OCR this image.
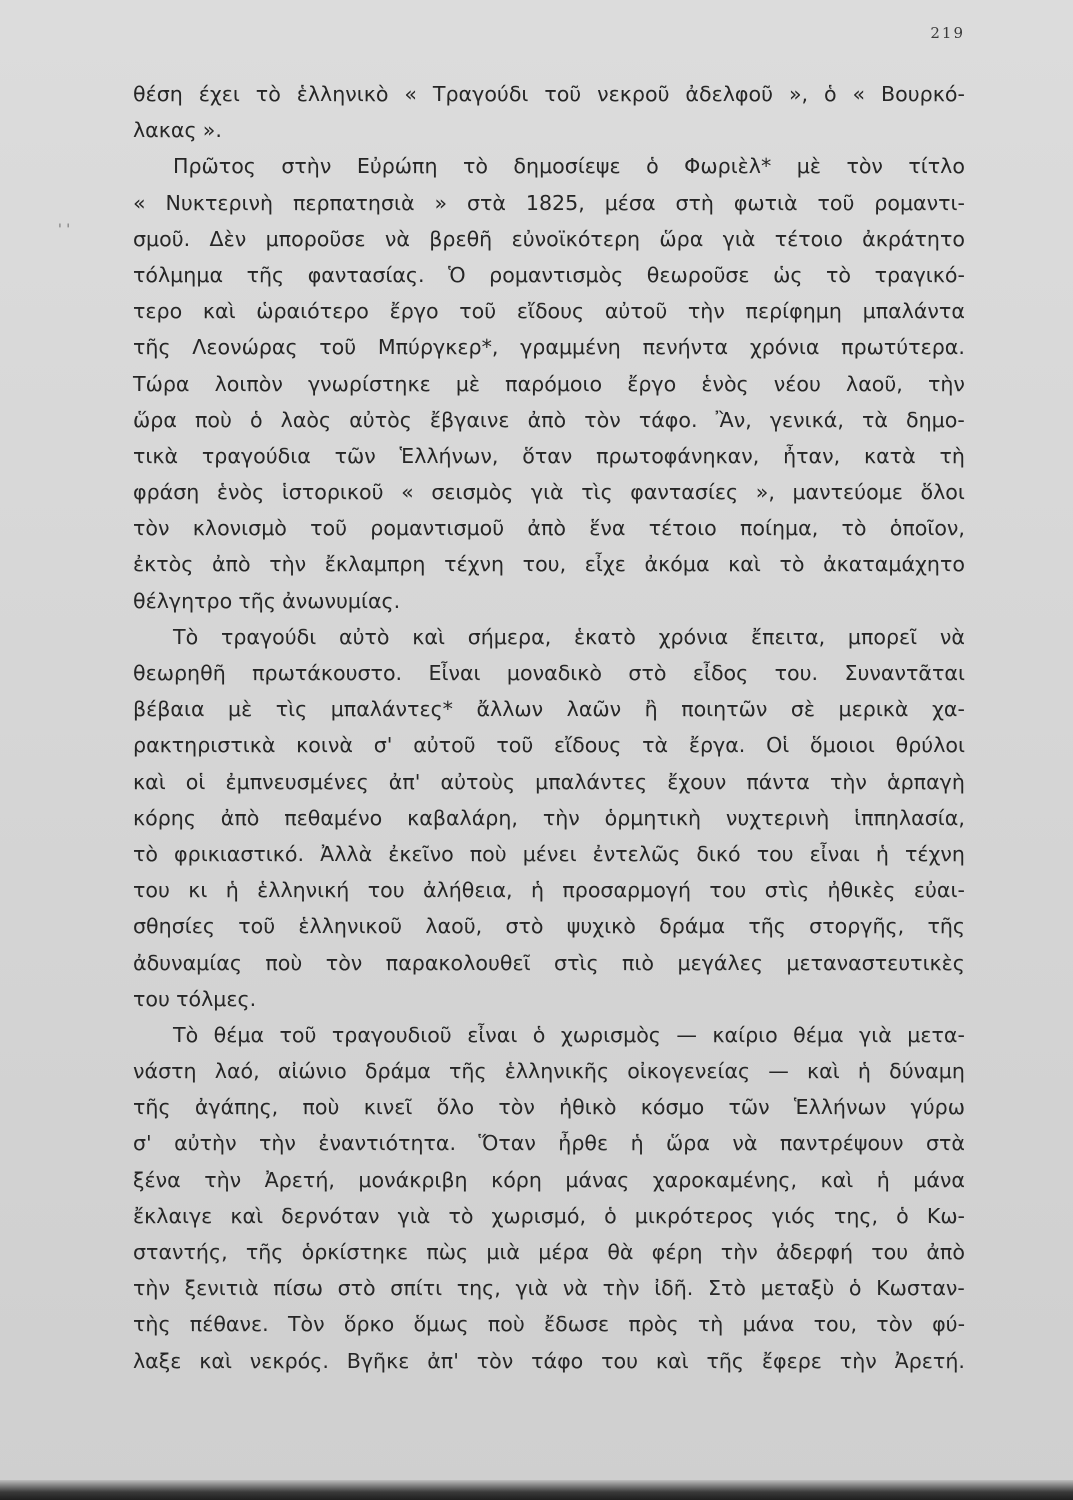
219
' '
θέση έχει τὸ ἑλληνικὸ « Τραγούδι τοῦ νεκροῦ ἀδελφοῦ », ὁ « Βουρκό-
λακας ».
Πρῶτος στὴν Εὐρώπη τὸ δημοσίεψε ὁ Φωριὲλ* μὲ τὸν τίτλο
« Νυκτερινὴ περπατησιὰ » στὰ 1825, μέσα στὴ φωτιὰ τοῦ ρομαντι-
σμοῦ. Δὲν μποροῦσε νὰ βρεθῆ εὐνοϊκότερη ὥρα γιὰ τέτοιο ἀκράτητο
τόλμημα τῆς φαντασίας. Ὁ ρομαντισμὸς θεωροῦσε ὡς τὸ τραγικό-
τερο καὶ ὡραιότερο ἔργο τοῦ εἴδους αὐτοῦ τὴν περίφημη μπαλάντα
τῆς Λεονώρας τοῦ Μπύργκερ*, γραμμένη πενήντα χρόνια πρωτύτερα.
Τώρα λοιπὸν γνωρίστηκε μὲ παρόμοιο ἔργο ἑνὸς νέου λαοῦ, τὴν
ὥρα ποὺ ὁ λαὸς αὐτὸς ἔβγαινε ἀπὸ τὸν τάφο. Ἂν, γενικά, τὰ δημο-
τικὰ τραγούδια τῶν Ἑλλήνων, ὅταν πρωτοφάνηκαν, ἦταν, κατὰ τὴ
φράση ἑνὸς ἱστορικοῦ « σεισμὸς γιὰ τὶς φαντασίες », μαντεύομε ὅλοι
τὸν κλονισμὸ τοῦ ρομαντισμοῦ ἀπὸ ἕνα τέτοιο ποίημα, τὸ ὁποῖον,
ἐκτὸς ἀπὸ τὴν ἔκλαμπρη τέχνη του, εἶχε ἀκόμα καὶ τὸ ἀκαταμάχητο
θέλγητρο τῆς ἀνωνυμίας.
Τὸ τραγούδι αὐτὸ καὶ σήμερα, ἑκατὸ χρόνια ἔπειτα, μπορεῖ νὰ
θεωρηθῆ πρωτάκουστο. Εἶναι μοναδικὸ στὸ εἶδος του. Συναντᾶται
βέβαια μὲ τὶς μπαλάντες* ἄλλων λαῶν ἢ ποιητῶν σὲ μερικὰ χα-
ρακτηριστικὰ κοινὰ σ' αὐτοῦ τοῦ εἴδους τὰ ἔργα. Οἱ ὅμοιοι θρύλοι
καὶ οἱ ἐμπνευσμένες ἀπ' αὐτοὺς μπαλάντες ἔχουν πάντα τὴν ἁρπαγὴ
κόρης ἀπὸ πεθαμένο καβαλάρη, τὴν ὁρμητικὴ νυχτερινὴ ἱππηλασία,
τὸ φρικιαστικό. Ἀλλὰ ἐκεῖνο ποὺ μένει ἐντελῶς δικό του εἶναι ἡ τέχνη
του κι ἡ ἑλληνική του ἀλήθεια, ἡ προσαρμογή του στὶς ἠθικὲς εὐαι-
σθησίες τοῦ ἑλληνικοῦ λαοῦ, στὸ ψυχικὸ δράμα τῆς στοργῆς, τῆς
ἀδυναμίας ποὺ τὸν παρακολουθεῖ στὶς πιὸ μεγάλες μεταναστευτικὲς
του τόλμες.
Τὸ θέμα τοῦ τραγουδιοῦ εἶναι ὁ χωρισμὸς — καίριο θέμα γιὰ μετα-
νάστη λαό, αἰώνιο δράμα τῆς ἑλληνικῆς οἰκογενείας — καὶ ἡ δύναμη
τῆς ἀγάπης, ποὺ κινεῖ ὅλο τὸν ἠθικὸ κόσμο τῶν Ἑλλήνων γύρω
σ' αὐτὴν τὴν ἐναντιότητα. Ὅταν ἦρθε ἡ ὥρα νὰ παντρέψουν στὰ
ξένα τὴν Ἀρετή, μονάκριβη κόρη μάνας χαροκαμένης, καὶ ἡ μάνα
ἔκλαιγε καὶ δερνόταν γιὰ τὸ χωρισμό, ὁ μικρότερος γιός της, ὁ Κω-
σταντής, τῆς ὁρκίστηκε πὼς μιὰ μέρα θὰ φέρη τὴν ἀδερφή του ἀπὸ
τὴν ξενιτιὰ πίσω στὸ σπίτι της, γιὰ νὰ τὴν ἰδῆ. Στὸ μεταξὺ ὁ Κωσταν-
τὴς πέθανε. Τὸν ὅρκο ὅμως ποὺ ἔδωσε πρὸς τὴ μάνα του, τὸν φύ-
λαξε καὶ νεκρός. Βγῆκε ἀπ' τὸν τάφο του καὶ τῆς ἔφερε τὴν Ἀρετή.
